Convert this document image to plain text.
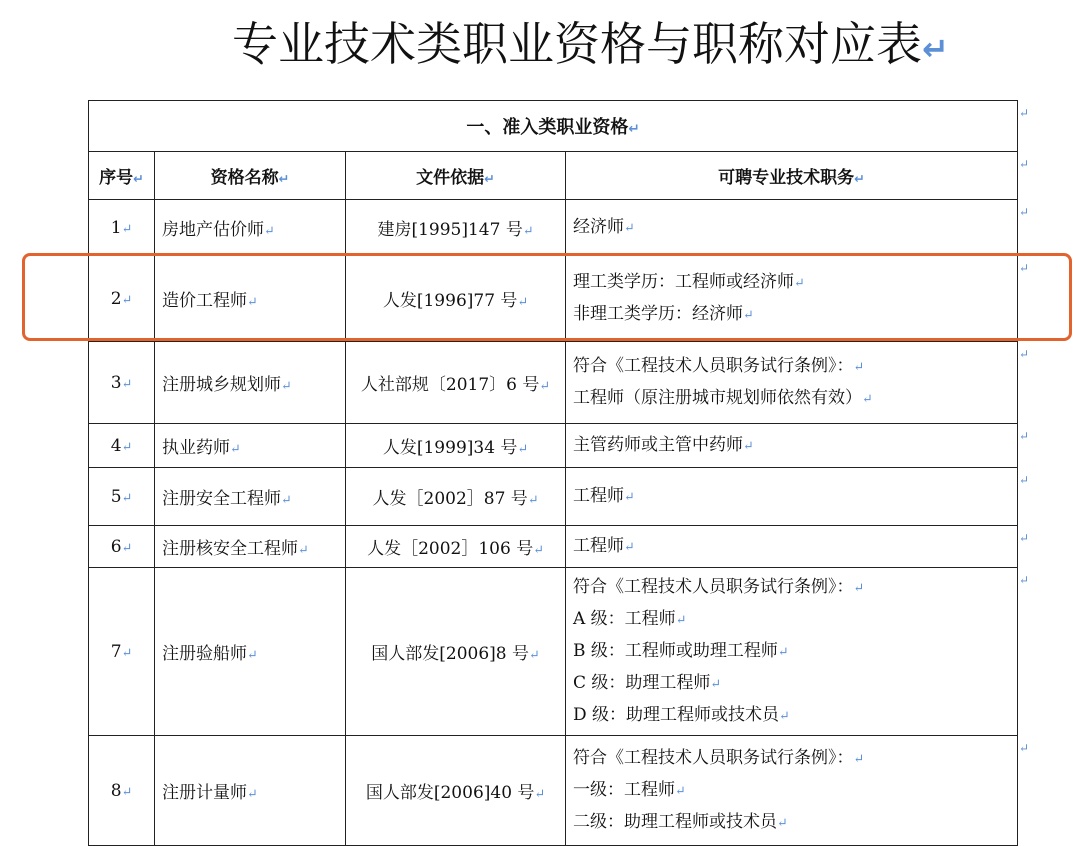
专业技术类职业资格与职称对应表↵
一、准入类职业资格↵			
序号↵	资格名称↵	文件依据↵	可聘专业技术职务↵
1↵	房地产估价师↵	建房[1995]147 号↵	经济师↵

2↵	造价工程师↵	人发[1996]77 号↵	理工类学历：工程师或经济师↵
非理工类学历：经济师↵

3↵	注册城乡规划师↵	人社部规〔2017〕6 号↵	符合《工程技术人员职务试行条例》：↵
工程师（原注册城市规划师依然有效）↵

4↵	执业药师↵	人发[1999]34 号↵	主管药师或主管中药师↵

5↵	注册安全工程师↵	人发［2002］87 号↵	工程师↵

6↵	注册核安全工程师↵	人发［2002］106 号↵	工程师↵

7↵	注册验船师↵	国人部发[2006]8 号↵	符合《工程技术人员职务试行条例》：↵
A 级：工程师↵
B 级：工程师或助理工程师↵
C 级：助理工程师↵
D 级：助理工程师或技术员↵

8↵	注册计量师↵	国人部发[2006]40 号↵	符合《工程技术人员职务试行条例》：↵
一级：工程师↵
二级：助理工程师或技术员↵
↵
↵
↵
↵
↵
↵
↵
↵
↵
↵
